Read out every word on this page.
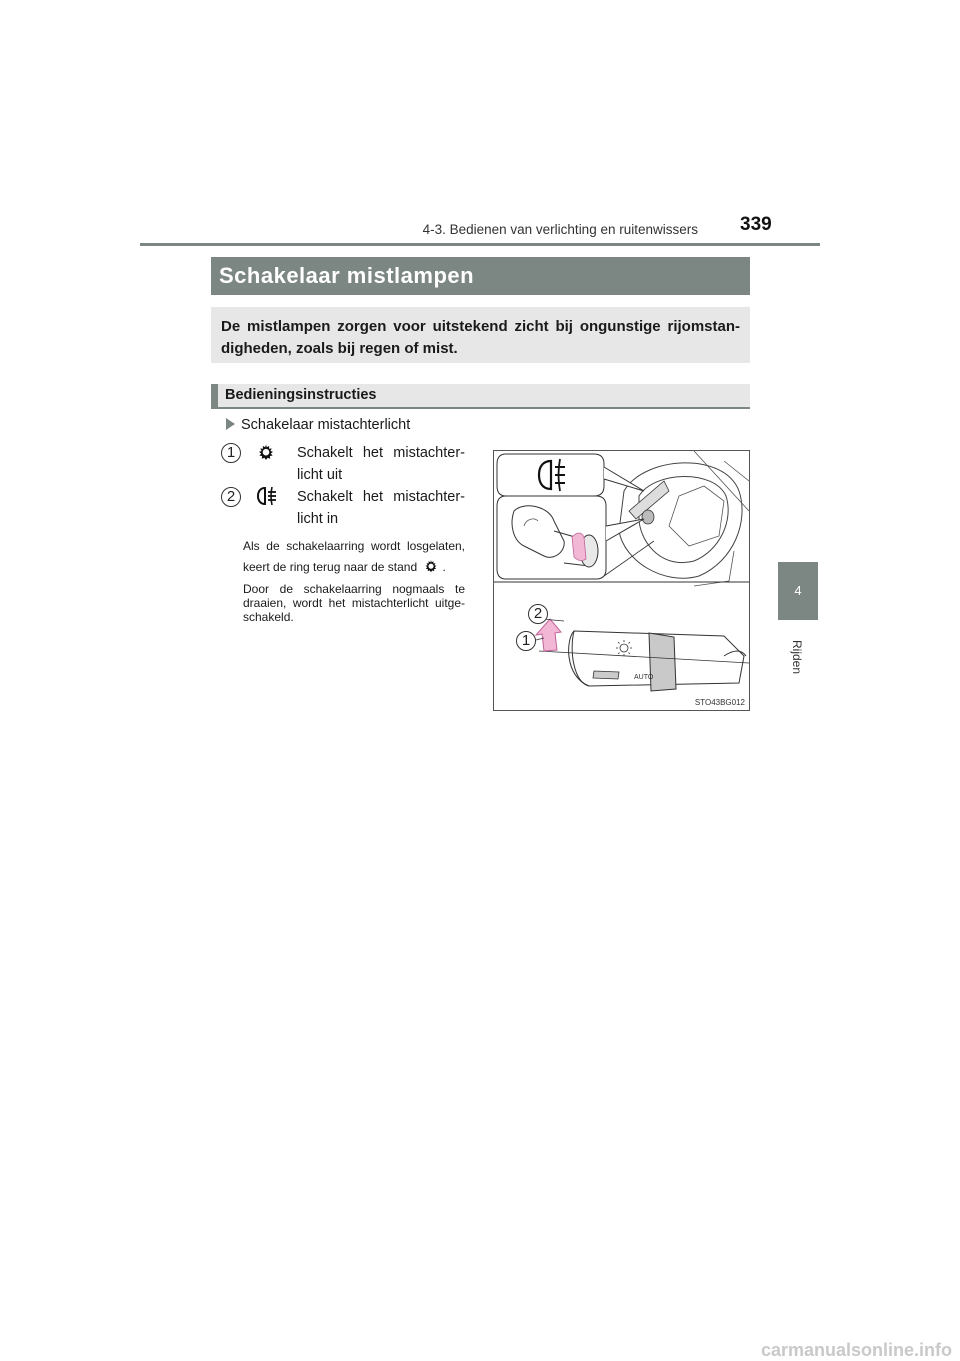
4-3. Bedienen van verlichting en ruitenwissers 339
4
Rijden
Schakelaar mistlampen
De mistlampen zorgen voor uitstekend zicht bij ongunstige rijomstan-digheden, zoals bij regen of mist.
Bedieningsinstructies
Schakelaar mistachterlicht
1	Schakelt het mistachter-licht uit
2	Schakelt het mistachter-licht in
Als de schakelaarring wordt losgelaten, keert de ring terug naar de stand .
Door de schakelaarring nogmaals te draaien, wordt het mistachterlicht uitge-schakeld.
AUTO
2
1
STO43BG012
carmanualsonline.info
